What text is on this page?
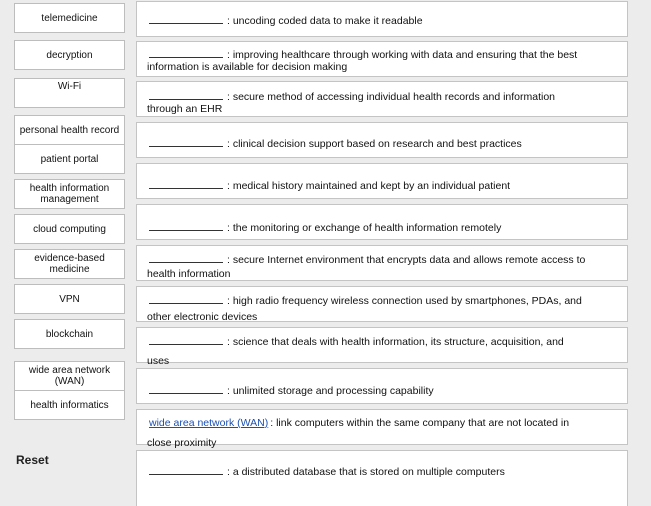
telemedicine
decryption
Wi-Fi
personal health record
patient portal
health information management
cloud computing
evidence-based medicine
VPN
blockchain
wide area network (WAN)
health informatics
: uncoding coded data to make it readable
: improving healthcare through working with data and ensuring that the best
information is available for decision making
: secure method of accessing individual health records and information
through an EHR
: clinical decision support based on research and best practices
: medical history maintained and kept by an individual patient
: the monitoring or exchange of health information remotely
: secure Internet environment that encrypts data and allows remote access to
health information
: high radio frequency wireless connection used by smartphones, PDAs, and
other electronic devices
: science that deals with health information, its structure, acquisition, and
uses
: unlimited storage and processing capability
wide area network (WAN) : link computers within the same company that are not located in
close proximity
: a distributed database that is stored on multiple computers
Reset
